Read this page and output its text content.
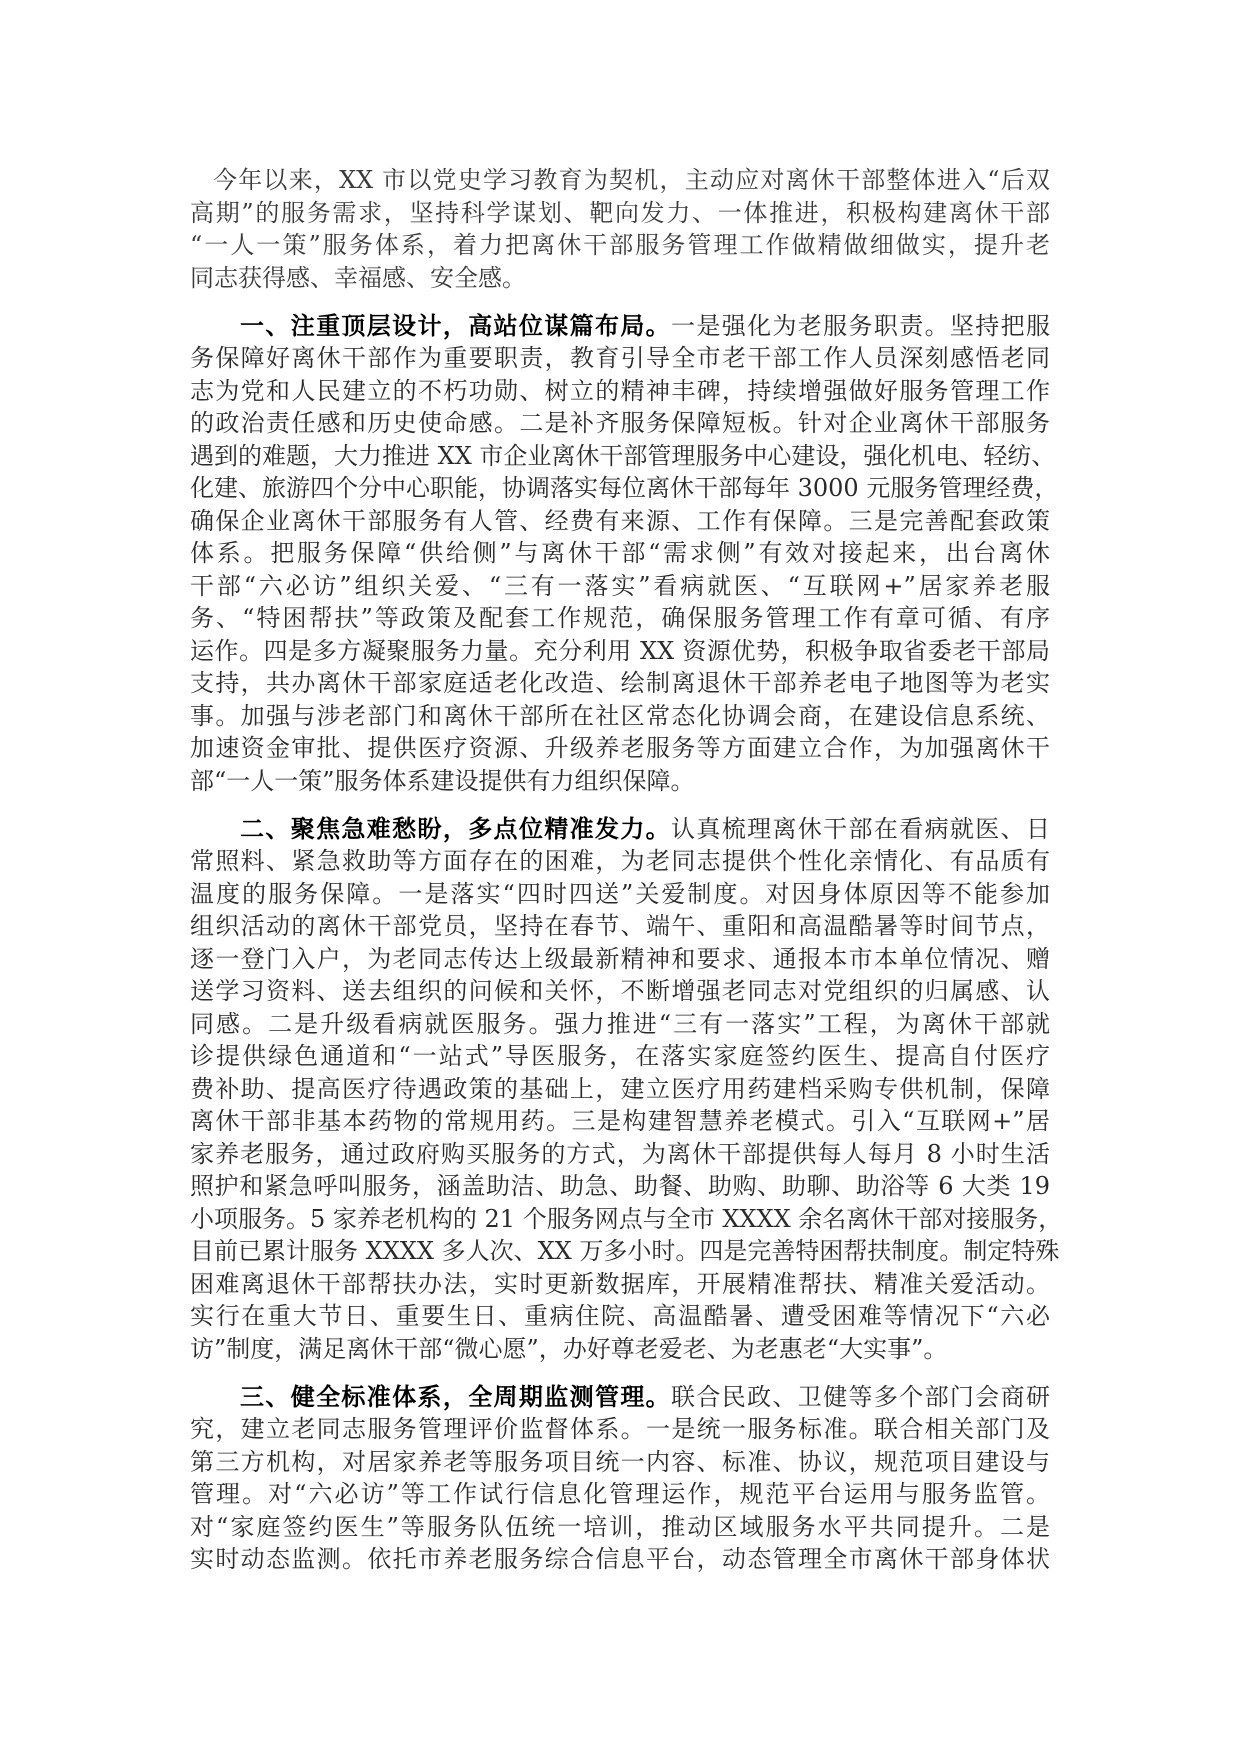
今年以来，XX 市以党史学习教育为契机，主动应对离休干部整体进入“后双
高期”的服务需求，坚持科学谋划、靶向发力、一体推进，积极构建离休干部
“一人一策”服务体系，着力把离休干部服务管理工作做精做细做实，提升老
同志获得感、幸福感、安全感。
一、注重顶层设计，高站位谋篇布局。一是强化为老服务职责。坚持把服
务保障好离休干部作为重要职责，教育引导全市老干部工作人员深刻感悟老同
志为党和人民建立的不朽功勋、树立的精神丰碑，持续增强做好服务管理工作
的政治责任感和历史使命感。二是补齐服务保障短板。针对企业离休干部服务
遇到的难题，大力推进 XX 市企业离休干部管理服务中心建设，强化机电、轻纺、
化建、旅游四个分中心职能，协调落实每位离休干部每年 3000 元服务管理经费，
确保企业离休干部服务有人管、经费有来源、工作有保障。三是完善配套政策
体系。把服务保障“供给侧”与离休干部“需求侧”有效对接起来，出台离休
干部“六必访”组织关爱、“三有一落实”看病就医、“互联网+”居家养老服
务、“特困帮扶”等政策及配套工作规范，确保服务管理工作有章可循、有序
运作。四是多方凝聚服务力量。充分利用 XX 资源优势，积极争取省委老干部局
支持，共办离休干部家庭适老化改造、绘制离退休干部养老电子地图等为老实
事。加强与涉老部门和离休干部所在社区常态化协调会商，在建设信息系统、
加速资金审批、提供医疗资源、升级养老服务等方面建立合作，为加强离休干
部“一人一策”服务体系建设提供有力组织保障。
二、聚焦急难愁盼，多点位精准发力。认真梳理离休干部在看病就医、日
常照料、紧急救助等方面存在的困难，为老同志提供个性化亲情化、有品质有
温度的服务保障。一是落实“四时四送”关爱制度。对因身体原因等不能参加
组织活动的离休干部党员，坚持在春节、端午、重阳和高温酷暑等时间节点，
逐一登门入户，为老同志传达上级最新精神和要求、通报本市本单位情况、赠
送学习资料、送去组织的问候和关怀，不断增强老同志对党组织的归属感、认
同感。二是升级看病就医服务。强力推进“三有一落实”工程，为离休干部就
诊提供绿色通道和“一站式”导医服务，在落实家庭签约医生、提高自付医疗
费补助、提高医疗待遇政策的基础上，建立医疗用药建档采购专供机制，保障
离休干部非基本药物的常规用药。三是构建智慧养老模式。引入“互联网+”居
家养老服务，通过政府购买服务的方式，为离休干部提供每人每月 8 小时生活
照护和紧急呼叫服务，涵盖助洁、助急、助餐、助购、助聊、助浴等 6 大类 19
小项服务。5 家养老机构的 21 个服务网点与全市 XXXX 余名离休干部对接服务，
目前已累计服务 XXXX 多人次、XX 万多小时。四是完善特困帮扶制度。制定特殊
困难离退休干部帮扶办法，实时更新数据库，开展精准帮扶、精准关爱活动。
实行在重大节日、重要生日、重病住院、高温酷暑、遭受困难等情况下“六必
访”制度，满足离休干部“微心愿”，办好尊老爱老、为老惠老“大实事”。
三、健全标准体系，全周期监测管理。联合民政、卫健等多个部门会商研
究，建立老同志服务管理评价监督体系。一是统一服务标准。联合相关部门及
第三方机构，对居家养老等服务项目统一内容、标准、协议，规范项目建设与
管理。对“六必访”等工作试行信息化管理运作，规范平台运用与服务监管。
对“家庭签约医生”等服务队伍统一培训，推动区域服务水平共同提升。二是
实时动态监测。依托市养老服务综合信息平台，动态管理全市离休干部身体状
